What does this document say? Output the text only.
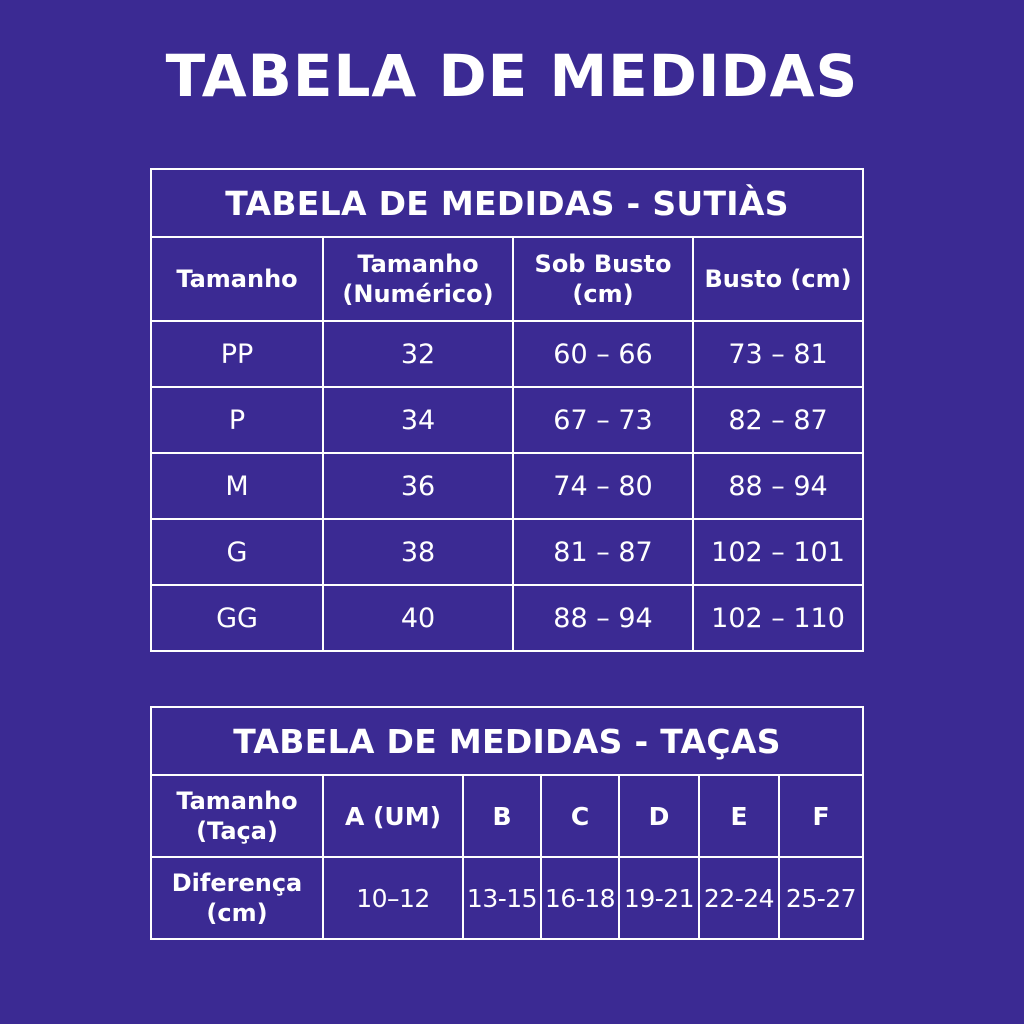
TABELA DE MEDIDAS
TABELA DE MEDIDAS - SUTIÀS			
Tamanho	Tamanho (Numérico)	Sob Busto (cm)	Busto (cm)
PP	32	60 – 66	73 – 81
P	34	67 – 73	82 – 87
M	36	74 – 80	88 – 94
G	38	81 – 87	102 – 101
GG	40	88 – 94	102 – 110
TABELA DE MEDIDAS - TAÇAS						
Tamanho (Taça)	A (UM)	B	C	D	E	F
Diferença (cm)	10–12	13-15	16-18	19-21	22-24	25-27
